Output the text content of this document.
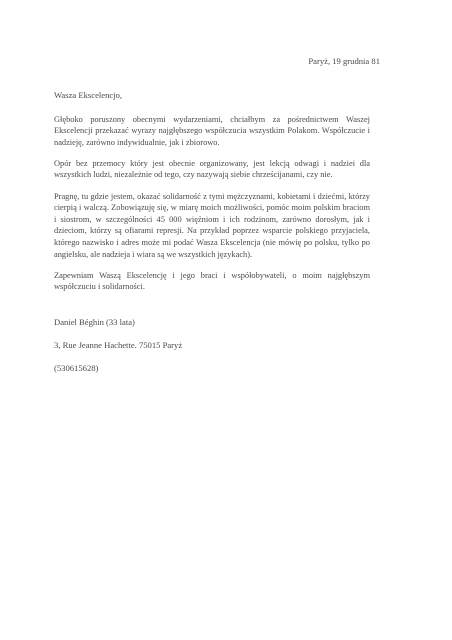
Paryż, 19 grudnia 81
Wasza Ekscelencjo,

Głęboko poruszony obecnymi wydarzeniami, chciałbym za pośrednictwem Waszej Ekscelencji przekazać wyrazy najgłębszego współczucia wszystkim Polakom. Współczucie i nadzieję, zarówno indywidualnie, jak i zbiorowo.

Opór bez przemocy który jest obecnie organizowany, jest lekcją odwagi i nadziei dla wszystkich ludzi, niezależnie od tego, czy nazywają siebie chrześcijanami, czy nie.

Pragnę, tu gdzie jestem, okazać solidarność z tymi mężczyznami, kobietami i dziećmi, którzy cierpią i walczą. Zobowiązuję się, w miarę moich możliwości, pomóc moim polskim braciom i siostrom, w szczególności 45 000 więźniom i ich rodzinom, zarówno dorosłym, jak i dzieciom, którzy są ofiarami represji. Na przykład poprzez wsparcie polskiego przyjaciela, którego nazwisko i adres może mi podać Wasza Ekscelencja (nie mówię po polsku, tylko po angielsku, ale nadzieja i wiara są we wszystkich językach).

Zapewniam Waszą Ekscelencję i jego braci i współobywateli, o moim najgłębszym współczuciu i solidarności.

Daniel Béghin (33 lata)
3, Rue Jeanne Hachette. 75015 Paryż
(530615628)
